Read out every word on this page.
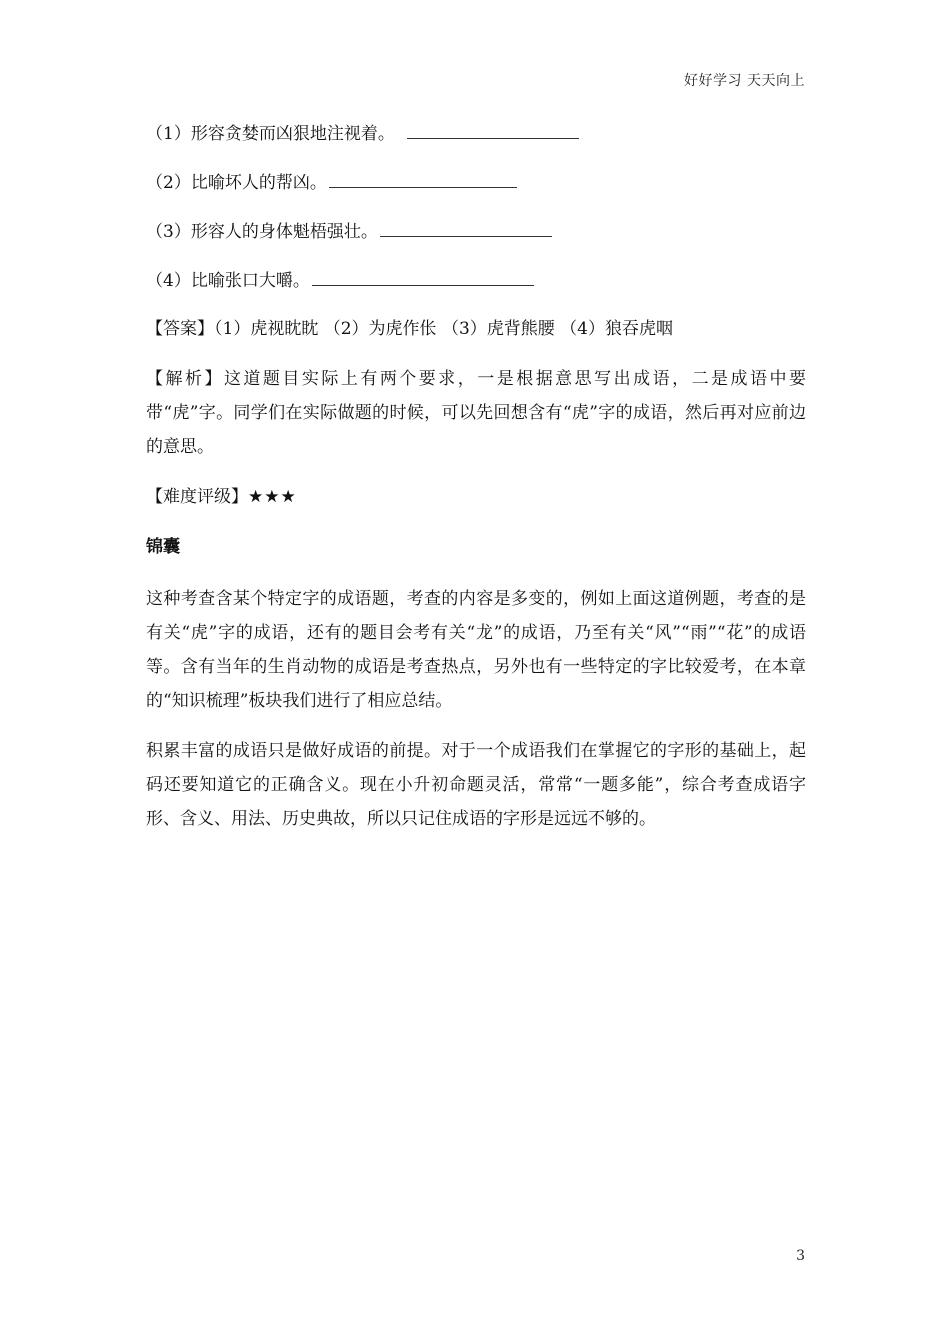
好好学习 天天向上
（1）形容贪婪而凶狠地注视着。
（2）比喻坏人的帮凶。
（3）形容人的身体魁梧强壮。
（4）比喻张口大嚼。
【答案】（1）虎视眈眈 （2）为虎作伥 （3）虎背熊腰 （4）狼吞虎咽
【解析】这道题目实际上有两个要求，一是根据意思写出成语，二是成语中要带“虎”字。同学们在实际做题的时候，可以先回想含有“虎”字的成语，然后再对应前边的意思。
【难度评级】★★★
锦囊
这种考查含某个特定字的成语题，考查的内容是多变的，例如上面这道例题，考查的是有关“虎”字的成语，还有的题目会考有关“龙”的成语，乃至有关“风”“雨”“花”的成语等。含有当年的生肖动物的成语是考查热点，另外也有一些特定的字比较爱考，在本章的“知识梳理”板块我们进行了相应总结。
积累丰富的成语只是做好成语的前提。对于一个成语我们在掌握它的字形的基础上，起码还要知道它的正确含义。现在小升初命题灵活，常常“一题多能”，综合考查成语字形、含义、用法、历史典故，所以只记住成语的字形是远远不够的。
3
